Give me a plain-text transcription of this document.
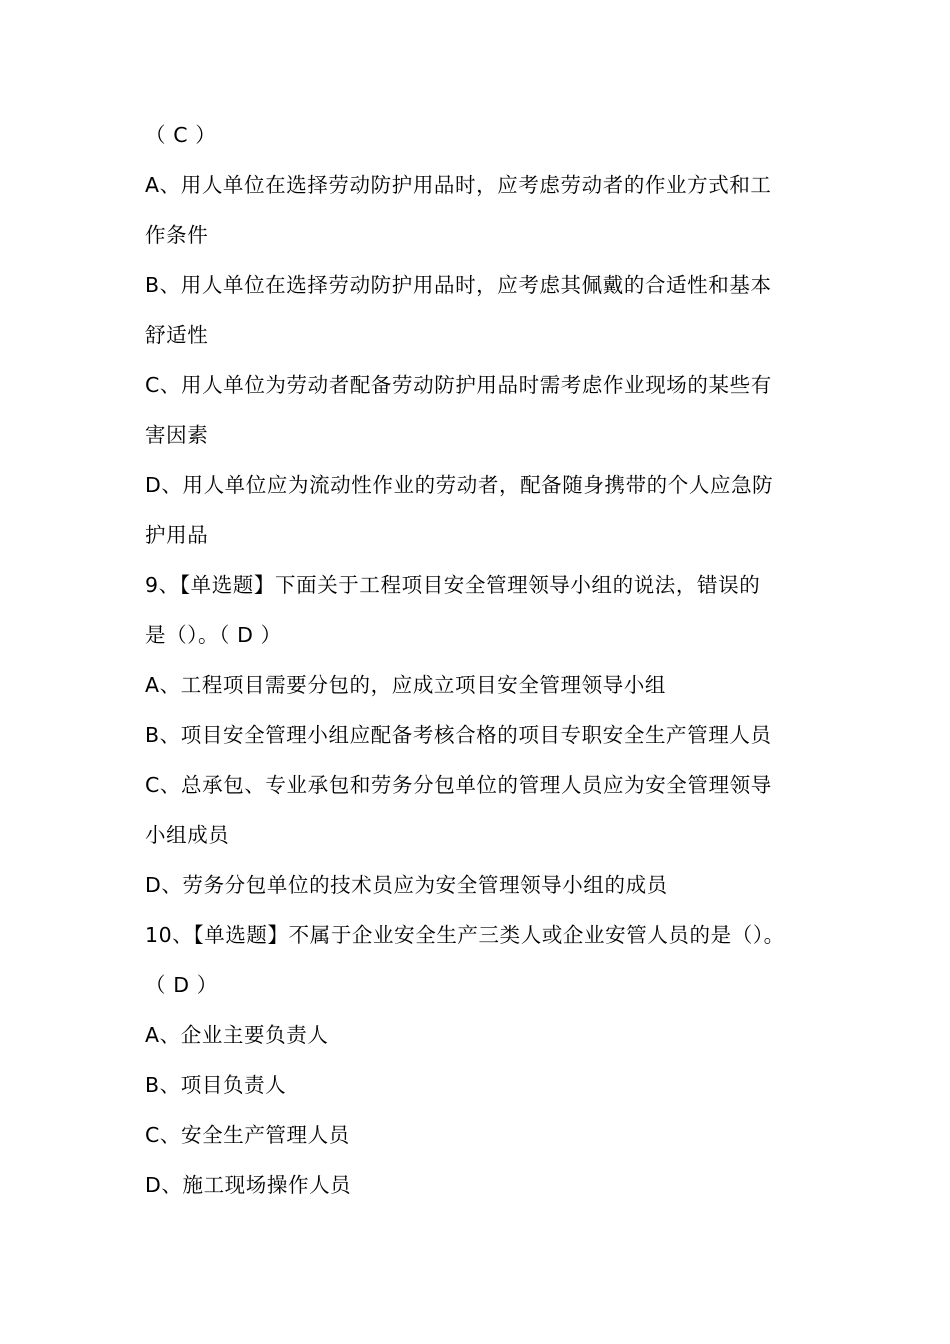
（ C ）
A、用人单位在选择劳动防护用品时，应考虑劳动者的作业方式和工
作条件
B、用人单位在选择劳动防护用品时，应考虑其佩戴的合适性和基本
舒适性
C、用人单位为劳动者配备劳动防护用品时需考虑作业现场的某些有
害因素
D、用人单位应为流动性作业的劳动者，配备随身携带的个人应急防
护用品
9、【单选题】下面关于工程项目安全管理领导小组的说法，错误的
是（）。（ D ）
A、工程项目需要分包的，应成立项目安全管理领导小组
B、项目安全管理小组应配备考核合格的项目专职安全生产管理人员
C、总承包、专业承包和劳务分包单位的管理人员应为安全管理领导
小组成员
D、劳务分包单位的技术员应为安全管理领导小组的成员
10、【单选题】不属于企业安全生产三类人或企业安管人员的是（）。
（ D ）
A、企业主要负责人
B、项目负责人
C、安全生产管理人员
D、施工现场操作人员
